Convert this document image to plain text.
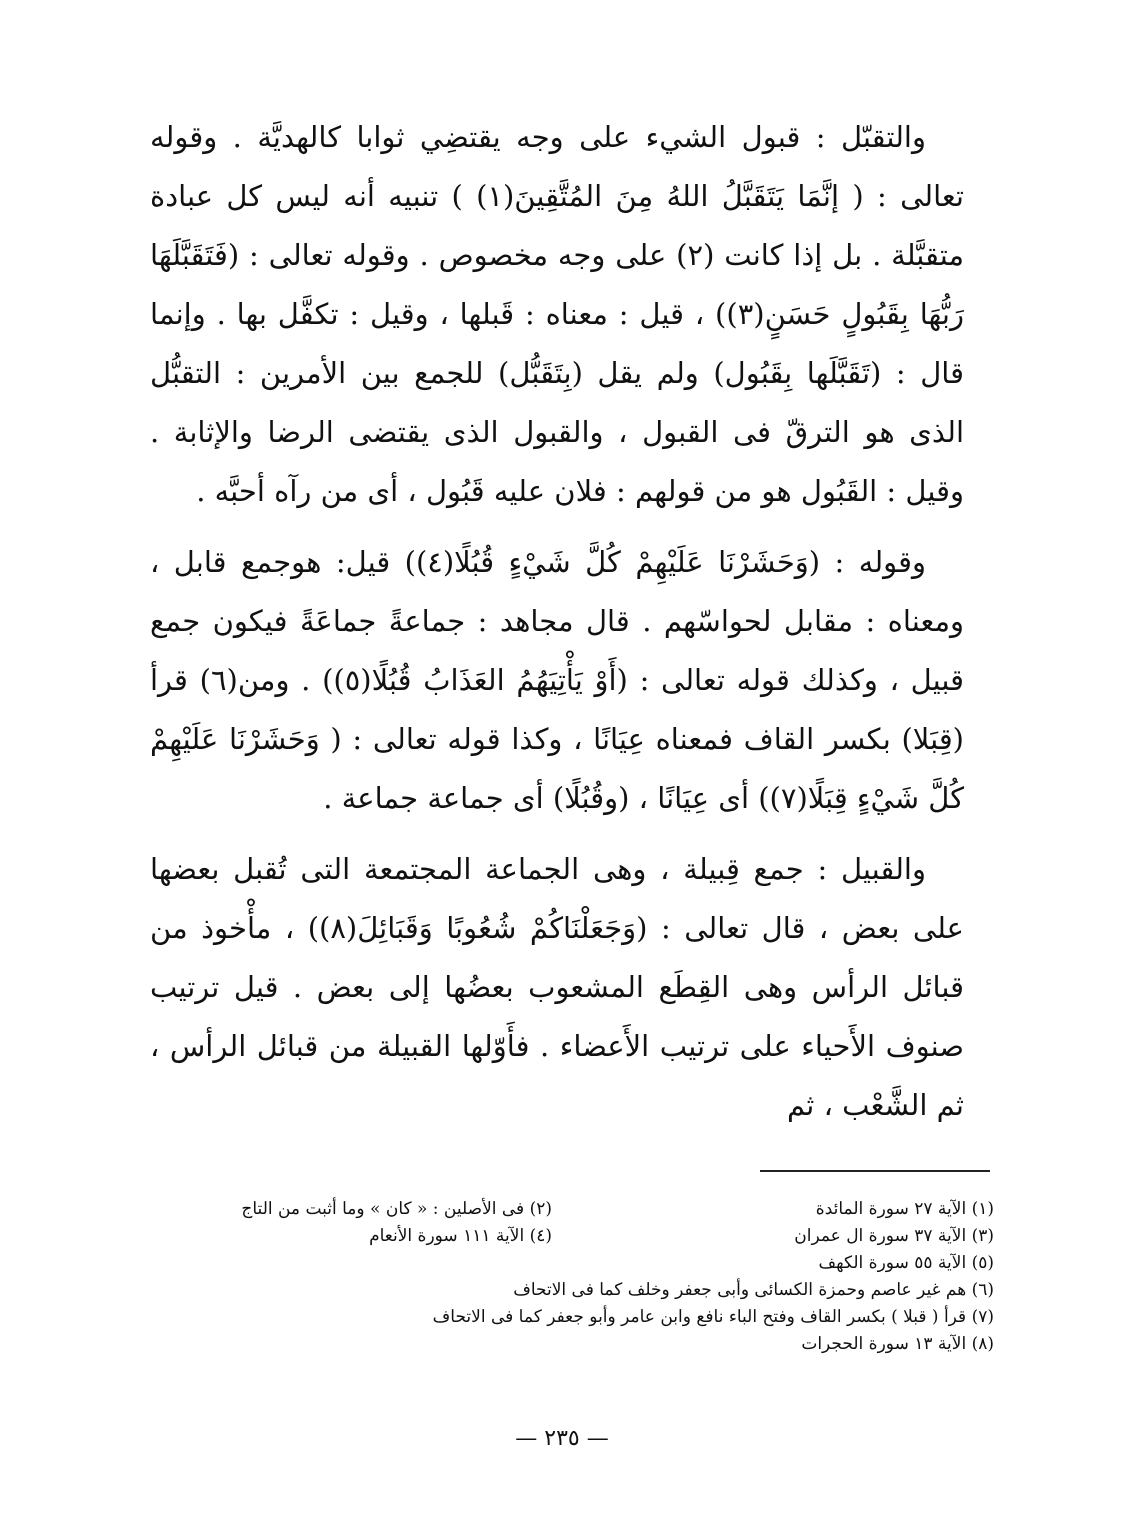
والتقبّل : قبول الشيء على وجه يقتضِي ثوابا كالهديَّة . وقوله تعالى : ( إنَّمَا يَتَقَبَّلُ اللهُ مِنَ المُتَّقِينَ(١) ) تنبيه أنه ليس كل عبادة متقبَّلة . بل إذا كانت (٢) على وجه مخصوص . وقوله تعالى : (فَتَقَبَّلَهَا رَبُّهَا بِقَبُولٍ حَسَنٍ(٣)) ، قيل : معناه : قَبلها ، وقيل : تكفَّل بها . وإنما قال : (تَقَبَّلَها بِقَبُول) ولم يقل (بِتَقَبُّل) للجمع بين الأمرين : التقبُّل الذى هو الترقّ فى القبول ، والقبول الذى يقتضى الرضا والإثابة . وقيل : القَبُول هو من قولهم : فلان عليه قَبُول ، أى من رآه أحبَّه .

وقوله : (وَحَشَرْنَا عَلَيْهِمْ كُلَّ شَيْءٍ قُبُلًا(٤)) قيل: هوجمع قابل ، ومعناه : مقابل لحواسّهم . قال مجاهد : جماعةً جماعَةً فيكون جمع قبيل ، وكذلك قوله تعالى : (أَوْ يَأْتِيَهُمُ العَذَابُ قُبُلًا(٥)) . ومن(٦) قرأ (قِبَلا) بكسر القاف فمعناه عِيَانًا ، وكذا قوله تعالى : ( وَحَشَرْنَا عَلَيْهِمْ كُلَّ شَيْءٍ قِبَلًا(٧)) أى عِيَانًا ، (وقُبُلًا) أى جماعة جماعة .

والقبيل : جمع قِبيلة ، وهى الجماعة المجتمعة التى تُقبل بعضها على بعض ، قال تعالى : (وَجَعَلْنَاكُمْ شُعُوبًا وَقَبَائِلَ(٨)) ، مأْخوذ من قبائل الرأس وهى القِطَع المشعوب بعضُها إلى بعض . قيل ترتيب صنوف الأَحياء على ترتيب الأَعضاء . فأَوّلها القبيلة من قبائل الرأس ، ثم الشَّعْب ، ثم

(١) الآية ٢٧ سورة المائدة
(٢) فى الأصلين : « كان » وما أثبت من التاج
(٣) الآية ٣٧ سورة ال عمران
(٤) الآية ١١١ سورة الأنعام
(٥) الآية ٥٥ سورة الكهف
(٦) هم غير عاصم وحمزة الكسائى وأبى جعفر وخلف كما فى الاتحاف
(٧) قرأ ( قبلا ) بكسر القاف وفتح الباء نافع وابن عامر وأبو جعفر كما فى الاتحاف
(٨) الآية ١٣ سورة الحجرات
— ٢٣٥ —
